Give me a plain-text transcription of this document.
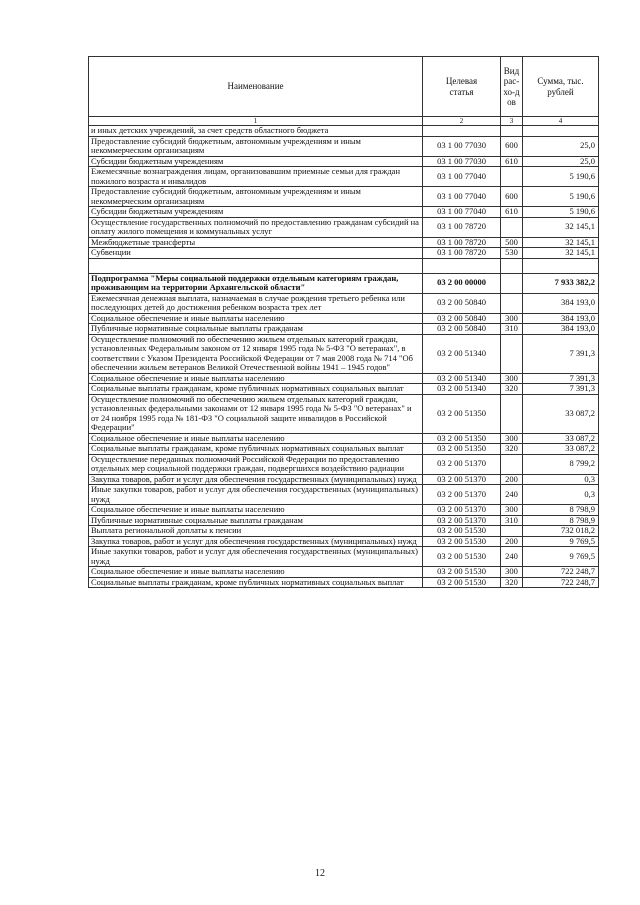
Наименование	Целевая статья	Вид рас-хо-дов	Сумма, тыс. рублей
1	2	3	4
и иных детских учреждений, за счет средств областного бюджета			
Предоставление субсидий бюджетным, автономным учреждениям и иным некоммерческим организациям	03 1 00 77030	600	25,0
Субсидии бюджетным учреждениям	03 1 00 77030	610	25,0
Ежемесячные вознаграждения лицам, организовавшим приемные семьи для граждан пожилого возраста и инвалидов	03 1 00 77040		5 190,6
Предоставление субсидий бюджетным, автономным учреждениям и иным некоммерческим организациям	03 1 00 77040	600	5 190,6
Субсидии бюджетным учреждениям	03 1 00 77040	610	5 190,6
Осуществление государственных полномочий по предоставлению гражданам субсидий на оплату жилого помещения и коммунальных услуг	03 1 00 78720		32 145,1
Межбюджетные трансферты	03 1 00 78720	500	32 145,1
Субвенции	03 1 00 78720	530	32 145,1

Подпрограмма "Меры социальной поддержки отдельным категориям граждан, проживающим на территории Архангельской области"	03 2 00 00000		7 933 382,2
Ежемесячная денежная выплата, назначаемая в случае рождения третьего ребенка или последующих детей до достижения ребенком возраста трех лет	03 2 00 50840		384 193,0
Социальное обеспечение и иные выплаты населению	03 2 00 50840	300	384 193,0
Публичные нормативные социальные выплаты гражданам	03 2 00 50840	310	384 193,0
Осуществление полномочий по обеспечению жильем отдельных категорий граждан, установленных Федеральным законом от 12 января 1995 года № 5-ФЗ "О ветеранах", в соответствии с Указом Президента Российской Федерации от 7 мая 2008 года № 714 "Об обеспечении жильем ветеранов Великой Отечественной войны 1941 – 1945 годов"	03 2 00 51340		7 391,3
Социальное обеспечение и иные выплаты населению	03 2 00 51340	300	7 391,3
Социальные выплаты гражданам, кроме публичных нормативных социальных выплат	03 2 00 51340	320	7 391,3
Осуществление полномочий по обеспечению жильем отдельных категорий граждан, установленных федеральными законами от 12 января 1995 года № 5-ФЗ "О ветеранах" и от 24 ноября 1995 года № 181-ФЗ "О социальной защите инвалидов в Российской Федерации"	03 2 00 51350		33 087,2
Социальное обеспечение и иные выплаты населению	03 2 00 51350	300	33 087,2
Социальные выплаты гражданам, кроме публичных нормативных социальных выплат	03 2 00 51350	320	33 087,2
Осуществление переданных полномочий Российской Федерации по предоставлению отдельных мер социальной поддержки граждан, подвергшихся воздействию радиации	03 2 00 51370		8 799,2
Закупка товаров, работ и услуг для обеспечения государственных (муниципальных) нужд	03 2 00 51370	200	0,3
Иные закупки товаров, работ и услуг для обеспечения государственных (муниципальных) нужд	03 2 00 51370	240	0,3
Социальное обеспечение и иные выплаты населению	03 2 00 51370	300	8 798,9
Публичные нормативные социальные выплаты гражданам	03 2 00 51370	310	8 798,9
Выплата региональной доплаты к пенсии	03 2 00 51530		732 018,2
Закупка товаров, работ и услуг для обеспечения государственных (муниципальных) нужд	03 2 00 51530	200	9 769,5
Иные закупки товаров, работ и услуг для обеспечения государственных (муниципальных) нужд	03 2 00 51530	240	9 769,5
Социальное обеспечение и иные выплаты населению	03 2 00 51530	300	722 248,7
Социальные выплаты гражданам, кроме публичных нормативных социальных выплат	03 2 00 51530	320	722 248,7
12
